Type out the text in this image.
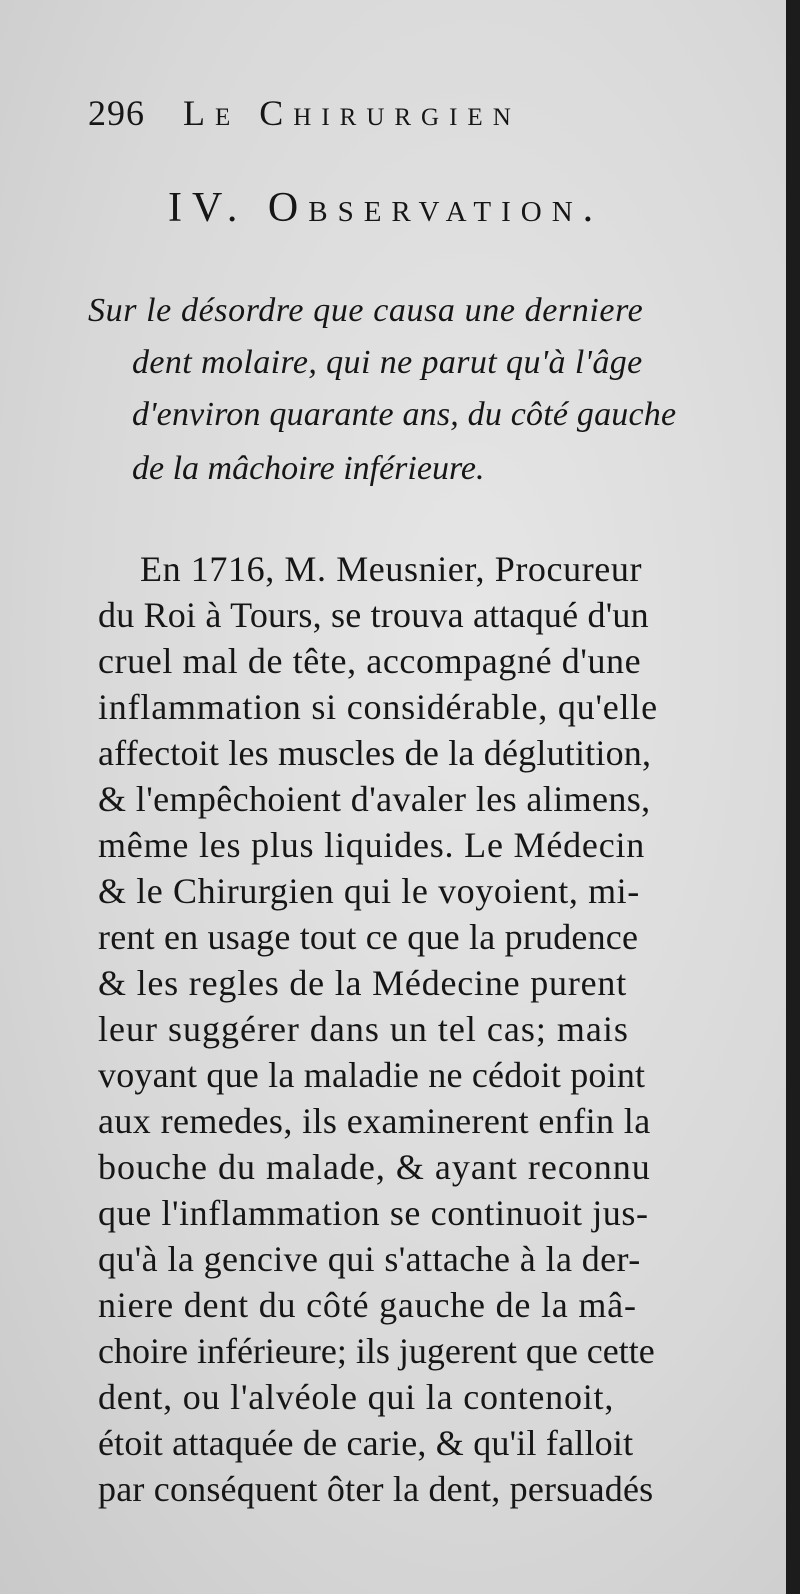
296 Le Chirurgien
IV. Observation.
Sur le désordre que causa une derniere
dent molaire, qui ne parut qu'à l'âge
d'environ quarante ans, du côté gauche
de la mâchoire inférieure.
En 1716, M. Meusnier, Procureur
du Roi à Tours, se trouva attaqué d'un
cruel mal de tête, accompagné d'une
inflammation si considérable, qu'elle
affectoit les muscles de la déglutition,
& l'empêchoient d'avaler les alimens,
même les plus liquides. Le Médecin
& le Chirurgien qui le voyoient, mi-
rent en usage tout ce que la prudence
& les regles de la Médecine purent
leur suggérer dans un tel cas; mais
voyant que la maladie ne cédoit point
aux remedes, ils examinerent enfin la
bouche du malade, & ayant reconnu
que l'inflammation se continuoit jus-
qu'à la gencive qui s'attache à la der-
niere dent du côté gauche de la mâ-
choire inférieure; ils jugerent que cette
dent, ou l'alvéole qui la contenoit,
étoit attaquée de carie, & qu'il falloit
par conséquent ôter la dent, persuadés
